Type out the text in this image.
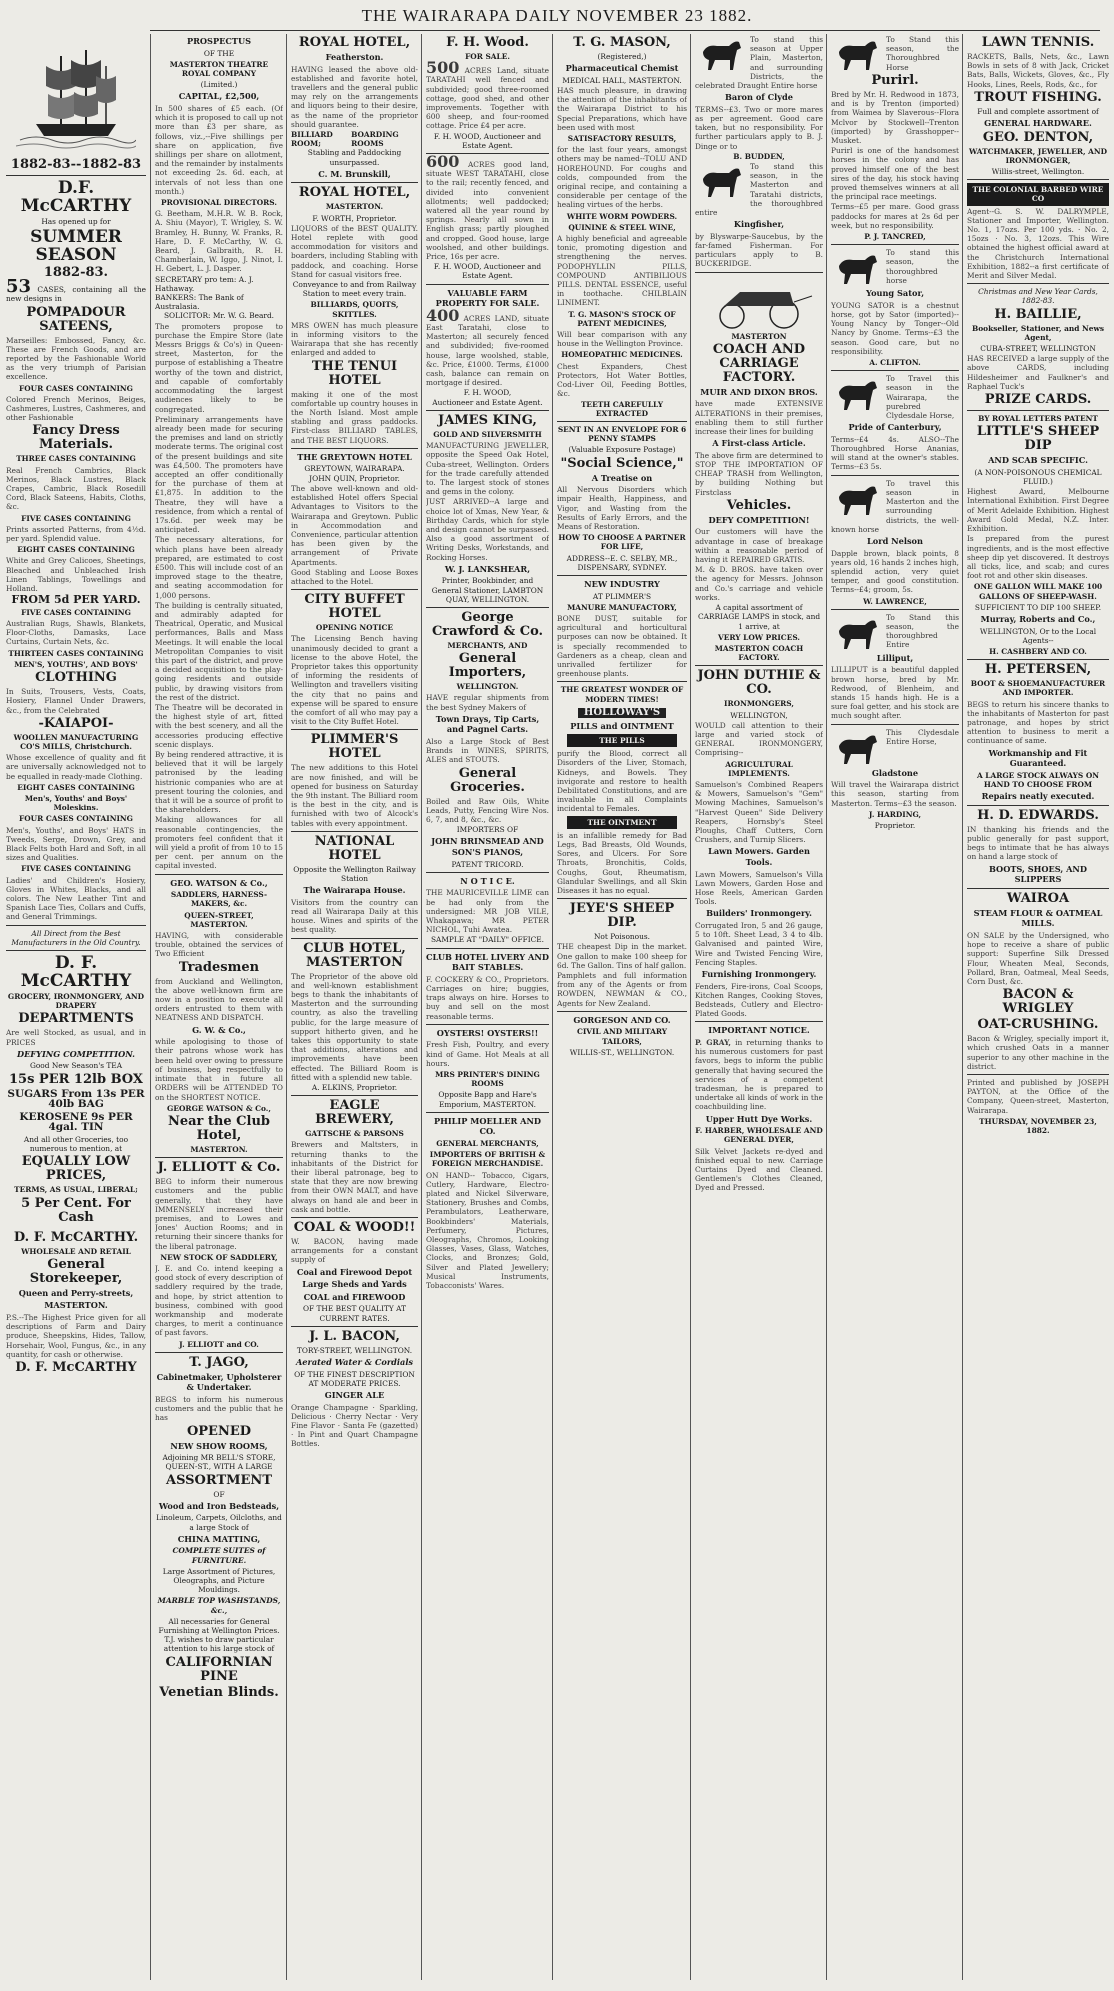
THE WAIRARAPA DAILY NOVEMBER 23 1882.
1882-83--1882-83
D.F. McCARTHY
Has opened up for
SUMMER SEASON
1882-83.

53 CASES, containing all the new designs in

POMPADOUR SATEENS,

Marseilles: Embossed, Fancy, &c. These are French Goods, and are reported by the Fashionable World as the very triumph of Parisian excellence.

FOUR CASES CONTAINING

Colored French Merinos, Beiges, Cashmeres, Lustres, Cashmeres, and other Fashionable

Fancy Dress Materials.
THREE CASES CONTAINING

Real French Cambrics, Black Merinos, Black Lustres, Black Crapes, Cambric, Black Rosedill Cord, Black Sateens, Habits, Cloths, &c.

FIVE CASES CONTAINING

Prints assorted Patterns, from 4½d. per yard. Splendid value.

EIGHT CASES CONTAINING

White and Grey Calicoes, Sheetings, Bleached and Unbleached Irish Linen Tablings, Towellings and Holland.

FROM 5d PER YARD.
FIVE CASES CONTAINING

Australian Rugs, Shawls, Blankets, Floor-Cloths, Damasks, Lace Curtains, Curtain Nets, &c.

THIRTEEN CASES CONTAINING
MEN'S, YOUTHS', AND BOYS'
CLOTHING

In Suits, Trousers, Vests, Coats, Hosiery, Flannel Under Drawers, &c., from the Celebrated

-KAIAPOI-
WOOLLEN MANUFACTURING CO'S MILLS, Christchurch.

Whose excellence of quality and fit are universally acknowledged not to be equalled in ready-made Clothing.

EIGHT CASES CONTAINING
Men's, Youths' and Boys' Moleskins.
FOUR CASES CONTAINING

Men's, Youths', and Boys' HATS in Tweeds, Serge, Drown, Grey, and Black Felts both Hard and Soft, in all sizes and Qualities.

FIVE CASES CONTAINING

Ladies' and Children's Hosiery, Gloves in Whites, Blacks, and all colors. The New Leather Tint and Spanish Lace Ties, Collars and Cuffs, and General Trimmings.

All Direct from the Best Manufacturers in the Old Country.
D. F. McCARTHY
GROCERY, IRONMONGERY, AND DRAPERY
DEPARTMENTS

Are well Stocked, as usual, and in PRICES

DEFYING COMPETITION.
Good New Season's TEA
15s PER 12lb BOX
SUGARS From 13s PER 40lb BAG
KEROSENE 9s PER 4gal. TIN
And all other Groceries, too numerous to mention, at
EQUALLY LOW PRICES,
TERMS, AS USUAL, LIBERAL;
5 Per Cent. For Cash
D. F. McCARTHY.
WHOLESALE AND RETAIL
General Storekeeper,
Queen and Perry-streets,
MASTERTON.

P.S.--The Highest Price given for all descriptions of Farm and Dairy produce, Sheepskins, Hides, Tallow, Horsehair, Wool, Fungus, &c., in any quantity, for cash or otherwise.

D. F. McCARTHY
PROSPECTUS
OF THE
MASTERTON THEATRE ROYAL COMPANY
(Limited.)
CAPITAL, £2,500,

In 500 shares of £5 each. (Of which it is proposed to call up not more than £3 per share, as follows, viz.,--Five shillings per share on application, five shillings per share on allotment, and the remainder by instalments not exceeding 2s. 6d. each, at intervals of not less than one month.)

PROVISIONAL DIRECTORS.

G. Beetham, M.H.R. W. B. Rock, A. Shiu (Mayor), T. Wrigley, S. W. Bramley, H. Bunny, W. Franks, R. Hare, D. F. McCarthy, W. G. Beard, J. Galbraith, R. H. Chamberlain, W. Iggo, J. Ninot, I. H. Gebert, L. J. Dasper.

SECRETARY pro tem: A. J. Hathaway.
BANKERS: The Bank of Australasia.
SOLICITOR: Mr. W. G. Beard.

The promoters propose to purchase the Empire Store (late Messrs Briggs & Co's) in Queen-street, Masterton, for the purpose of establishing a Theatre worthy of the town and district, and capable of comfortably accommodating the largest audiences likely to be congregated.

Preliminary arrangements have already been made for securing the premises and land on strictly moderate terms. The original cost of the present buildings and site was £4,500. The promoters have accepted an offer conditionally for the purchase of them at £1,875. In addition to the Theatre, they will have a residence, from which a rental of 17s.6d. per week may be anticipated.

The necessary alterations, for which plans have been already prepared, are estimated to cost £500. This will include cost of an improved stage to the theatre, and seating accommodation for 1,000 persons.

The building is centrally situated, and admirably adapted for Theatrical, Operatic, and Musical performances, Balls and Mass Meetings. It will enable the local Metropolitan Companies to visit this part of the district, and prove a decided acquisition to the play-going residents and outside public, by drawing visitors from the rest of the district.

The Theatre will be decorated in the highest style of art, fitted with the best scenery, and all the accessories producing effective scenic displays.

By being rendered attractive, it is believed that it will be largely patronised by the leading histrionic companies who are at present touring the colonies, and that it will be a source of profit to the shareholders.

Making allowances for all reasonable contingencies, the promoters feel confident that it will yield a profit of from 10 to 15 per cent. per annum on the capital invested.

GEO. WATSON & Co.,
SADDLERS, HARNESS-MAKERS, &c.
QUEEN-STREET, MASTERTON.

HAVING, with considerable trouble, obtained the services of Two Efficient

Tradesmen

from Auckland and Wellington, the above well-known firm are now in a position to execute all orders entrusted to them with NEATNESS AND DISPATCH.

G. W. & Co.,

while apologising to those of their patrons whose work has been held over owing to pressure of business, beg respectfully to intimate that in future all ORDERS will be ATTENDED TO on the SHORTEST NOTICE.

GEORGE WATSON & Co.,
Near the Club Hotel,
MASTERTON.
J. ELLIOTT & Co.

BEG to inform their numerous customers and the public generally, that they have IMMENSELY increased their premises, and to Lowes and Jones' Auction Rooms; and in returning their sincere thanks for the liberal patronage.

NEW STOCK OF SADDLERY,

J. E. and Co. intend keeping a good stock of every description of saddlery required by the trade, and hope, by strict attention to business, combined with good workmanship and moderate charges, to merit a continuance of past favors.

J. ELLIOTT and CO.
T. JAGO,
Cabinetmaker, Upholsterer & Undertaker.

BEGS to inform his numerous customers and the public that he has

OPENED
NEW SHOW ROOMS,
Adjoining MR BELL'S STORE, QUEEN-ST., WITH A LARGE
ASSORTMENT
OF
Wood and Iron Bedsteads,
Linoleum, Carpets, Oilcloths, and a large Stock of
CHINA MATTING,
COMPLETE SUITES of FURNITURE.
Large Assortment of Pictures, Oleographs, and Picture Mouldings.
MARBLE TOP WASHSTANDS, &c.,
All necessaries for General Furnishing at Wellington Prices.
T.J. wishes to draw particular attention to his large stock of
CALIFORNIAN PINE
Venetian Blinds.
ROYAL HOTEL,
Featherston.

HAVING leased the above old-established and favorite hotel, travellers and the general public may rely on the arrangements and liquors being to their desire, as the name of the proprietor should guarantee.

BILLIARD ROOM;
BOARDING ROOMS
Stabling and Paddocking unsurpassed.
C. M. Brunskill,
ROYAL HOTEL,
MASTERTON.
F. WORTH, Proprietor.

LIQUORS of the BEST QUALITY. Hotel replete with good accommodation for visitors and boarders, including Stabling with paddock, and coaching. Horse Stand for casual visitors free.

Conveyance to and from Railway Station to meet every train.
BILLIARDS, QUOITS, SKITTLES.

MRS OWEN has much pleasure in informing visitors to the Wairarapa that she has recently enlarged and added to

THE TENUI HOTEL

making it one of the most comfortable up country houses in the North Island. Most ample stabling and grass paddocks. First-class BILLIARD TABLES, and THE BEST LIQUORS.

THE GREYTOWN HOTEL
GREYTOWN, WAIRARAPA.
JOHN QUIN, Proprietor.

The above well-known and old-established Hotel offers Special Advantages to Visitors to the Wairarapa and Greytown. Public in Accommodation and Convenience, particular attention has been given by the arrangement of Private Apartments.

Good Stabling and Loose Boxes attached to the Hotel.

CITY BUFFET HOTEL
OPENING NOTICE

The Licensing Bench having unanimously decided to grant a license to the above Hotel, the Proprietor takes this opportunity of informing the residents of Wellington and travellers visiting the city that no pains and expense will be spared to ensure the comfort of all who may pay a visit to the City Buffet Hotel.

PLIMMER'S HOTEL

The new additions to this Hotel are now finished, and will be opened for business on Saturday the 9th instant. The Billiard room is the best in the city, and is furnished with two of Alcock's tables with every appointment.

NATIONAL HOTEL
Opposite the Wellington Railway Station
The Wairarapa House.

Visitors from the country can read all Wairarapa Daily at this house. Wines and spirits of the best quality.

CLUB HOTEL, MASTERTON

The Proprietor of the above old and well-known establishment begs to thank the inhabitants of Masterton and the surrounding country, as also the travelling public, for the large measure of support hitherto given, and he takes this opportunity to state that additions, alterations and improvements have been effected. The Billiard Room is fitted with a splendid new table.

A. ELKINS, Proprietor.
EAGLE BREWERY,
GATTSCHE & PARSONS

Brewers and Maltsters, in returning thanks to the inhabitants of the District for their liberal patronage, beg to state that they are now brewing from their OWN MALT, and have always on hand ale and beer in cask and bottle.

COAL & WOOD!!

W. BACON, having made arrangements for a constant supply of

Coal and Firewood Depot
Large Sheds and Yards
COAL and FIREWOOD
OF THE BEST QUALITY AT CURRENT RATES.
J. L. BACON,
TORY-STREET, WELLINGTON.
Aerated Water & Cordials
OF THE FINEST DESCRIPTION AT MODERATE PRICES.
GINGER ALE

Orange Champagne · Sparkling, Delicious · Cherry Nectar · Very Fine Flavor · Santa Fe (gazetted) · In Pint and Quart Champagne Bottles.

F. H. Wood.
FOR SALE.

500 ACRES Land, situate TARATAHI well fenced and subdivided; good three-roomed cottage, good shed, and other improvements. Together with 600 sheep, and four-roomed cottage. Price £4 per acre.

F. H. WOOD, Auctioneer and Estate Agent.

600 ACRES good land, situate WEST TARATAHI, close to the rail; recently fenced, and divided into convenient allotments; well paddocked; watered all the year round by springs. Nearly all sown in English grass; partly ploughed and cropped. Good house, large woolshed, and other buildings. Price, 16s per acre.

F. H. WOOD, Auctioneer and Estate Agent.
VALUABLE FARM PROPERTY FOR SALE.

400 ACRES LAND, situate East Taratahi, close to Masterton; all securely fenced and subdivided; five-roomed house, large woolshed, stable, &c. Price, £1000. Terms, £1000 cash, balance can remain on mortgage if desired.

F. H. WOOD,
Auctioneer and Estate Agent.
JAMES KING,
GOLD AND SILVERSMITH

MANUFACTURING JEWELLER, opposite the Speed Oak Hotel, Cuba-street, Wellington. Orders for the trade carefully attended to. The largest stock of stones and gems in the colony.

JUST ARRIVED--A large and choice lot of Xmas, New Year, & Birthday Cards, which for style and design cannot be surpassed. Also a good assortment of Writing Desks, Workstands, and Rocking Horses.

W. J. LANKSHEAR,
Printer, Bookbinder, and General Stationer, LAMBTON QUAY, WELLINGTON.
George Crawford & Co.
MERCHANTS, AND
General Importers,
WELLINGTON.

HAVE regular shipments from the best Sydney Makers of

Town Drays, Tip Carts, and Pagnel Carts.

Also a Large Stock of Best Brands in WINES, SPIRITS, ALES and STOUTS.

General Groceries.

Boiled and Raw Oils, White Leads, Putty, Fencing Wire Nos. 6, 7, and 8, &c., &c.

IMPORTERS OF
JOHN BRINSMEAD AND SON'S PIANOS,
PATENT TRICORD.
N O T I C E.

THE MAURICEVILLE LIME can be had only from the undersigned: MR JOB VILE, Whakapawa; MR PETER NICHOL, Tuhi Awatea.

SAMPLE AT "DAILY" OFFICE.
CLUB HOTEL LIVERY AND BAIT STABLES.

F. COCKERY & CO., Proprietors. Carriages on hire; buggies, traps always on hire. Horses to buy and sell on the most reasonable terms.

OYSTERS! OYSTERS!!

Fresh Fish, Poultry, and every kind of Game. Hot Meals at all hours.

MRS PRINTER'S DINING ROOMS
Opposite Bapp and Hare's Emporium, MASTERTON.
PHILIP MOELLER AND CO.
GENERAL MERCHANTS,
IMPORTERS OF BRITISH & FOREIGN MERCHANDISE.

ON HAND-- Tobacco, Cigars, Cutlery, Hardware, Electro-plated and Nickel Silverware, Stationery, Brushes and Combs, Perambulators, Leatherware, Bookbinders' Materials, Perfumery, Pictures, Oleographs, Chromos, Looking Glasses, Vases, Glass, Watches, Clocks, and Bronzes; Gold, Silver and Plated Jewellery; Musical Instruments, Tobacconists' Wares.

T. G. MASON,
(Registered,)
Pharmaceutical Chemist
MEDICAL HALL, MASTERTON.

HAS much pleasure, in drawing the attention of the inhabitants of the Wairarapa District to his Special Preparations, which have been used with most

SATISFACTORY RESULTS,

for the last four years, amongst others may be named--TOLU AND HOREHOUND. For coughs and colds, compounded from the original recipe, and containing a considerable per centage of the healing virtues of the herbs.

WHITE WORM POWDERS.
QUININE & STEEL WINE,

A highly beneficial and agreeable tonic, promoting digestion and strengthening the nerves. PODOPHYLLIN PILLS, COMPOUND ANTIBILIOUS PILLS. DENTAL ESSENCE, useful in toothache. CHILBLAIN LINIMENT.

T. G. MASON'S STOCK OF PATENT MEDICINES,

Will bear comparison with any house in the Wellington Province.

HOMEOPATHIC MEDICINES.

Chest Expanders, Chest Protectors, Hot Water Bottles, Cod-Liver Oil, Feeding Bottles, &c.

TEETH CAREFULLY EXTRACTED
SENT IN AN ENVELOPE FOR 6 PENNY STAMPS
(Valuable Exposure Postage)
"Social Science,"
A Treatise on

All Nervous Disorders which impair Health, Happiness, and Vigor, and Wasting from the Results of Early Errors, and the Means of Restoration.

HOW TO CHOOSE A PARTNER FOR LIFE,
ADDRESS--E. C. SELBY, MR., DISPENSARY, SYDNEY.
NEW INDUSTRY
AT PLIMMER'S
MANURE MANUFACTORY,

BONE DUST, suitable for agricultural and horticultural purposes can now be obtained. It is specially recommended to Gardeners as a cheap, clean and unrivalled fertilizer for greenhouse plants.

THE GREATEST WONDER OF MODERN TIMES!
HOLLOWAY'S
PILLS and OINTMENT
THE PILLS

purify the Blood, correct all Disorders of the Liver, Stomach, Kidneys, and Bowels. They invigorate and restore to health Debilitated Constitutions, and are invaluable in all Complaints incidental to Females.

THE OINTMENT

is an infallible remedy for Bad Legs, Bad Breasts, Old Wounds, Sores, and Ulcers. For Sore Throats, Bronchitis, Colds, Coughs, Gout, Rheumatism, Glandular Swellings, and all Skin Diseases it has no equal.

JEYE'S SHEEP DIP.
Not Poisonous.

THE cheapest Dip in the market. One gallon to make 100 sheep for 6d. The Gallon. Tins of half gallon.

Pamphlets and full information from any of the Agents or from ROWDEN, NEWMAN & CO., Agents for New Zealand.

GORGESON AND CO.
CIVIL AND MILITARY TAILORS,
WILLIS-ST., WELLINGTON.

To stand this season at Upper Plain, Masterton, and surrounding Districts, the celebrated Draught Entire horse

Baron of Clyde

TERMS--£3. Two or more mares as per agreement. Good care taken, but no responsibility. For further particulars apply to B. J. Dinge or to

B. BUDDEN,

To stand this season, in the Masterton and Taratahi districts, the thoroughbred entire

Kingfisher,

by Blyswarpe-Saucebus, by the far-famed Fisherman. For particulars apply to B. BUCKERIDGE.

MASTERTON
COACH AND CARRIAGE FACTORY.
MUIR AND DIXON BROS.

have made EXTENSIVE ALTERATIONS in their premises, enabling them to still further increase their lines for building

A First-class Article.

The above firm are determined to STOP THE IMPORTATION OF CHEAP TRASH from Wellington, by building Nothing but Firstclass

Vehicles.
DEFY COMPETITION!

Our customers will have the advantage in case of breakage within a reasonable period of having it REPAIRED GRATIS.

M. & D. BROS. have taken over the agency for Messrs. Johnson and Co.'s carriage and vehicle works.

A capital assortment of CARRIAGE LAMPS in stock, and 1 arrive, at
VERY LOW PRICES.
MASTERTON COACH FACTORY.
JOHN DUTHIE & CO.
IRONMONGERS,
WELLINGTON,

WOULD call attention to their large and varied stock of GENERAL IRONMONGERY, Comprising--

AGRICULTURAL IMPLEMENTS.

Samuelson's Combined Reapers & Mowers, Samuelson's "Gem" Mowing Machines, Samuelson's "Harvest Queen" Side Delivery Reapers, Hornsby's Steel Ploughs, Chaff Cutters, Corn Crushers, and Turnip Slicers.

Lawn Mowers. Garden Tools.

Lawn Mowers, Samuelson's Villa Lawn Mowers, Garden Hose and Hose Reels, American Garden Tools.

Builders' Ironmongery.

Corrugated Iron, 5 and 26 gauge, 5 to 10ft. Sheet Lead, 3 4 to 4lb. Galvanised and painted Wire, Wire and Twisted Fencing Wire, Fencing Staples.

Furnishing Ironmongery.

Fenders, Fire-irons, Coal Scoops, Kitchen Ranges, Cooking Stoves, Bedsteads, Cutlery and Electro-Plated Goods.

IMPORTANT NOTICE.

P. GRAY, in returning thanks to his numerous customers for past favors, begs to inform the public generally that having secured the services of a competent tradesman, he is prepared to undertake all kinds of work in the coachbuilding line.

Upper Hutt Dye Works.
F. HARBER, WHOLESALE AND GENERAL DYER,

Silk Velvet Jackets re-dyed and finished equal to new. Carriage Curtains Dyed and Cleaned. Gentlemen's Clothes Cleaned, Dyed and Pressed.

To Stand this season, the Thoroughbred Horse

Purirl.

Bred by Mr. H. Redwood in 1873, and is by Trenton (imported) from Waimea by Slaverous--Flora Mclvor by Stockwell--Trenton (imported) by Grasshopper--Musket.

Purirl is one of the handsomest horses in the colony and has proved himself one of the best sires of the day, his stock having proved themselves winners at all the principal race meetings.

Terms--£5 per mare. Good grass paddocks for mares at 2s 6d per week, but no responsibility.

P. J. TANCRED,

To stand this season, the thoroughbred horse

Young Sator,

YOUNG SATOR is a chestnut horse, got by Sator (imported)--Young Nancy by Tonger--Old Nancy by Gnome. Terms--£3 the season. Good care, but no responsibility.

A. CLIFTON.

To Travel this season in the Wairarapa, the purebred Clydesdale Horse,

Pride of Canterbury,

Terms--£4 4s. ALSO--The Thoroughbred Horse Ananias, will stand at the owner's stables. Terms--£3 5s.

To travel this season in Masterton and the surrounding districts, the well-known horse

Lord Nelson

Dapple brown, black points, 8 years old, 16 hands 2 inches high, splendid action, very quiet temper, and good constitution. Terms--£4; groom, 5s.

W. LAWRENCE,

To Stand this season, the thoroughbred Entire

Lilliput,

LILLIPUT is a beautiful dappled brown horse, bred by Mr. Redwood, of Blenheim, and stands 15 hands high. He is a sure foal getter, and his stock are much sought after.

This Clydesdale Entire Horse,

Gladstone

Will travel the Wairarapa district this season, starting from Masterton. Terms--£3 the season.

J. HARDING,
Proprietor.
LAWN TENNIS.

RACKETS, Balls, Nets, &c., Lawn Bowls in sets of 8 with Jack, Cricket Bats, Balls, Wickets, Gloves, &c., Fly Hooks, Lines, Reels, Rods, &c., for

TROUT FISHING.
Full and complete assortment of
GENERAL HARDWARE.
GEO. DENTON,
WATCHMAKER, JEWELLER, AND IRONMONGER,
Willis-street, Wellington.
THE COLONIAL BARBED WIRE CO

Agent--G. S. W. DALRYMPLE, Stationer and Importer, Wellington. No. 1, 17ozs. Per 100 yds. · No. 2, 15ozs · No. 3, 12ozs. This Wire obtained the highest official award at the Christchurch International Exhibition, 1882--a first certificate of Merit and Silver Medal.

Christmas and New Year Cards, 1882-83.
H. BAILLIE,
Bookseller, Stationer, and News Agent,
CUBA-STREET, WELLINGTON

HAS RECEIVED a large supply of the above CARDS, including Hildesheimer and Faulkner's and Raphael Tuck's

PRIZE CARDS.
BY ROYAL LETTERS PATENT
LITTLE'S SHEEP DIP
AND SCAB SPECIFIC.
(A NON-POISONOUS CHEMICAL FLUID.)

Highest Award, Melbourne International Exhibition. First Degree of Merit Adelaide Exhibition. Highest Award Gold Medal, N.Z. Inter. Exhibition.

Is prepared from the purest ingredients, and is the most effective sheep dip yet discovered. It destroys all ticks, lice, and scab; and cures foot rot and other skin diseases.

ONE GALLON WILL MAKE 100 GALLONS OF SHEEP-WASH.
SUFFICIENT TO DIP 100 SHEEP.
Murray, Roberts and Co.,
WELLINGTON, Or to the Local Agents--
H. CASHBERY AND CO.
H. PETERSEN,
BOOT & SHOEMANUFACTURER AND IMPORTER.

BEGS to return his sincere thanks to the inhabitants of Masterton for past patronage, and hopes by strict attention to business to merit a continuance of same.

Workmanship and Fit Guaranteed.
A LARGE STOCK ALWAYS ON HAND TO CHOOSE FROM
Repairs neatly executed.
H. D. EDWARDS.

IN thanking his friends and the public generally for past support, begs to intimate that he has always on hand a large stock of

BOOTS, SHOES, AND SLIPPERS
WAIROA
STEAM FLOUR & OATMEAL MILLS.

ON SALE by the Undersigned, who hope to receive a share of public support: Superfine Silk Dressed Flour, Wheaten Meal, Seconds, Pollard, Bran, Oatmeal, Meal Seeds, Corn Dust, &c.

BACON & WRIGLEY
OAT-CRUSHING.

Bacon & Wrigley, specially import it, which crushed Oats in a manner superior to any other machine in the district.

Printed and published by JOSEPH PAYTON, at the Office of the Company, Queen-street, Masterton, Wairarapa.

THURSDAY, NOVEMBER 23, 1882.
